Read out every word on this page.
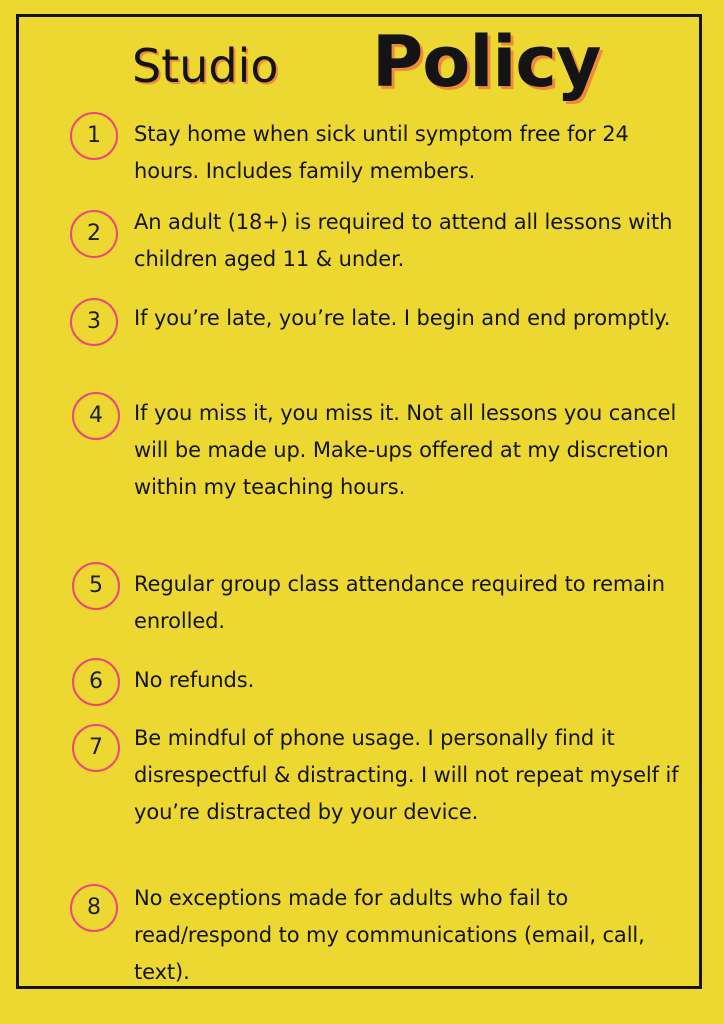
Studio Policy
1	Stay home when sick until symptom free for 24 hours. Includes family members.
2	An adult (18+) is required to attend all lessons with children aged 11 & under.
3	If you’re late, you’re late. I begin and end promptly.
4	If you miss it, you miss it. Not all lessons you cancel will be made up. Make-ups offered at my discretion within my teaching hours.
5	Regular group class attendance required to remain enrolled.
6	No refunds.
7	Be mindful of phone usage. I personally find it disrespectful & distracting. I will not repeat myself if you’re distracted by your device.
8	No exceptions made for adults who fail to read/respond to my communications (email, call, text).
